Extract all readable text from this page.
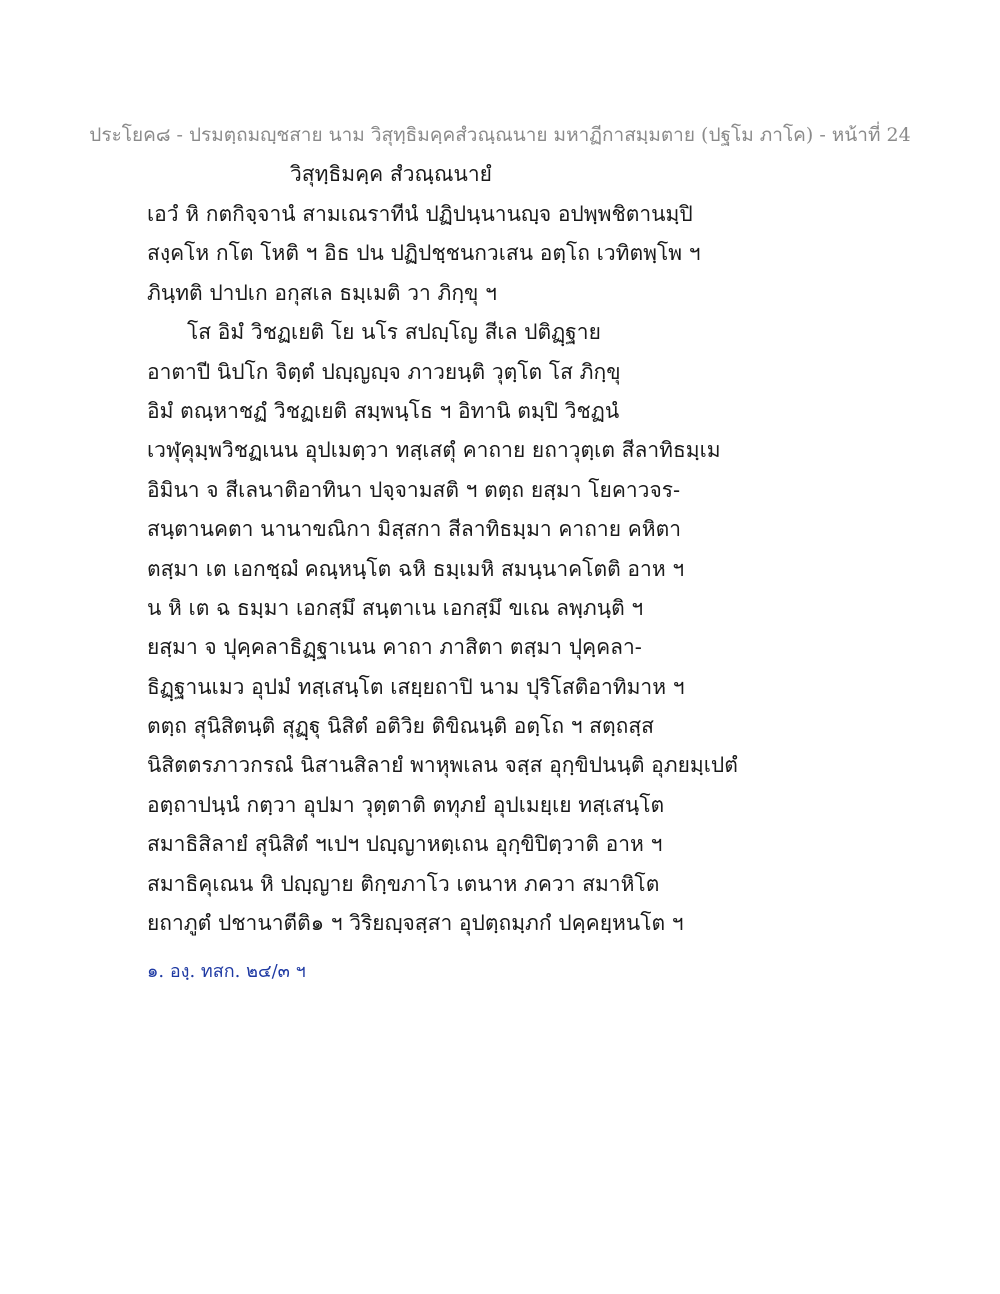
ประโยค๘ - ปรมตฺถมญฺชสาย นาม วิสุทฺธิมคฺคสํวณฺณนาย มหาฏีกาสมฺมตาย (ปฐโม ภาโค) - หน้าที่ 24
วิสุทฺธิมคฺค สํวณฺณนายํ
เอวํ หิ กตกิจฺจานํ สามเณราทีนํ ปฏิปนฺนานญฺจ อปพฺพชิตานมฺปิ
สงฺคโห กโต โหติ ฯ อิธ ปน ปฏิปชฺชนกวเสน อตฺโถ เวทิตพฺโพ ฯ
ภินฺทติ ปาปเก อกุสเล ธมฺเมติ วา ภิกฺขุ ฯ
โส อิมํ วิชฏเยติ โย นโร สปญฺโญ สีเล ปติฏฺฐาย
อาตาปี นิปโก จิตฺตํ ปญฺญญฺจ ภาวยนฺติ วุตฺโต โส ภิกฺขุ
อิมํ ตณฺหาชฏํ วิชฏเยติ สมฺพนฺโธ ฯ อิทานิ ตมฺปิ วิชฏนํ
เวฬุคุมฺพวิชฏเนน อุปเมตฺวา ทสฺเสตุํ คาถาย ยถาวุตฺเต สีลาทิธมฺเม
อิมินา จ สีเลนาติอาทินา ปจฺจามสติ ฯ ตตฺถ ยสฺมา โยคาวจร-
สนฺตานคตา นานาขณิกา มิสฺสกา สีลาทิธมฺมา คาถาย คหิตา
ตสฺมา เต เอกชฺฌํ คณฺหนฺโต ฉหิ ธมฺเมหิ สมนฺนาคโตติ อาห ฯ
น หิ เต ฉ ธมฺมา เอกสฺมึ สนฺตาเน เอกสฺมึ ขเณ ลพฺภนฺติ ฯ
ยสฺมา จ ปุคฺคลาธิฏฺฐาเนน คาถา ภาสิตา ตสฺมา ปุคฺคลา-
ธิฏฺฐานเมว อุปมํ ทสฺเสนฺโต เสยฺยถาปิ นาม ปุริโสติอาทิมาห ฯ
ตตฺถ สุนิสิตนฺติ สุฏฺฐุ นิสิตํ อติวิย ติขิณนฺติ อตฺโถ ฯ สตฺถสฺส
นิสิตตรภาวกรณํ นิสานสิลายํ พาหุพเลน จสฺส อุกฺขิปนนฺติ อุภยมฺเปตํ
อตฺถาปนฺนํ กตฺวา อุปมา วุตฺตาติ ตทุภยํ อุปเมยฺเย ทสฺเสนฺโต
สมาธิสิลายํ สุนิสิตํ ฯเปฯ ปญฺญาหตฺเถน อุกฺขิปิตฺวาติ อาห ฯ
สมาธิคุเณน หิ ปญฺญาย ติกฺขภาโว เตนาห ภควา สมาหิโต
ยถาภูตํ ปชานาตีติ๑ ฯ วิริยญฺจสฺสา อุปตฺถมฺภกํ ปคฺคยฺหนโต ฯ
๑. องฺ. ทสก. ๒๔/๓ ฯ
